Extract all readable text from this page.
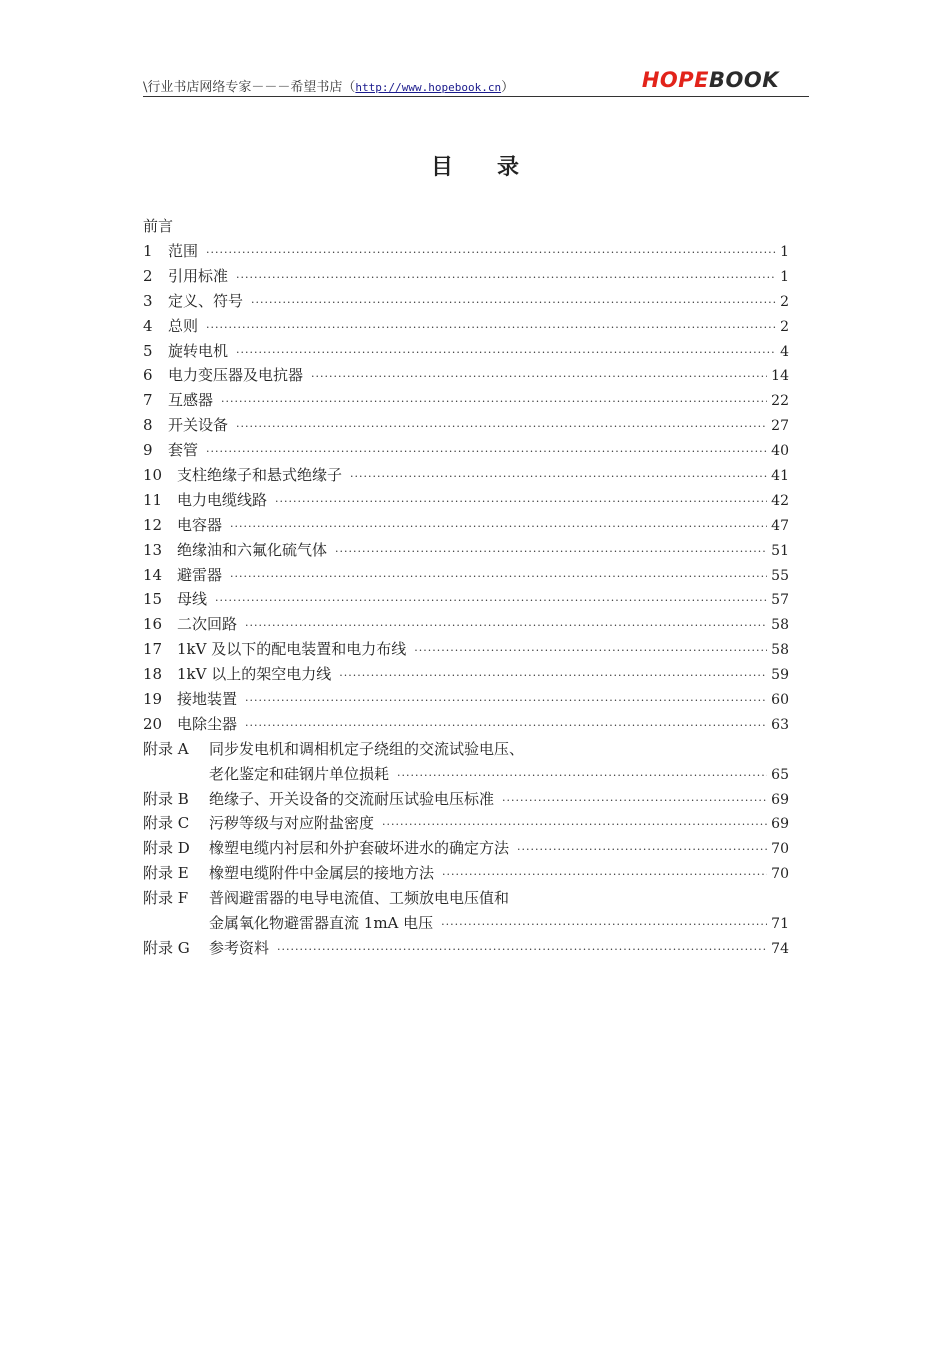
\行业书店网络专家－－－希望书店（http://www.hopebook.cn）	HOPEBOOK
目录
前言
1	范围 ·····	1
2	引用标准 ·····	1
3	定义、符号 ·····	2
4	总则 ·····	2
5	旋转电机 ·····	4
6	电力变压器及电抗器 ·····	14
7	互感器 ·····	22
8	开关设备 ·····	27
9	套管 ·····	40
10 支柱绝缘子和悬式绝缘子 ·····	41
11 电力电缆线路 ·····	42
12 电容器 ·····	47
13 绝缘油和六氟化硫气体 ·····	51
14 避雷器 ·····	55
15 母线 ·····	57
16 二次回路 ·····	58
17 1kV 及以下的配电装置和电力布线 ·····	58
18 1kV 以上的架空电力线 ·····	59
19 接地装置 ·····	60
20 电除尘器 ·····	63
附录 A	同步发电机和调相机定子绕组的交流试验电压、
老化鉴定和硅钢片单位损耗 ·····	65
附录 B	绝缘子、开关设备的交流耐压试验电压标准 ·····	69
附录 C	污秽等级与对应附盐密度 ·····	69
附录 D	橡塑电缆内衬层和外护套破坏进水的确定方法 ·····	70
附录 E	橡塑电缆附件中金属层的接地方法 ·····	70
附录 F	普阀避雷器的电导电流值、工频放电电压值和
金属氧化物避雷器直流 1mA 电压 ·····	71
附录 G	参考资料 ·····	74
